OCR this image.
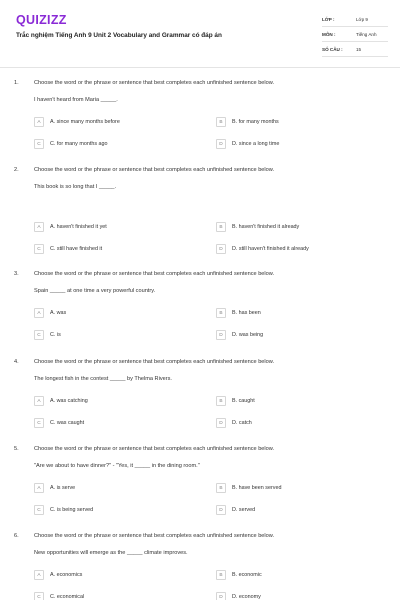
QUIZIZZ
Trắc nghiệm Tiếng Anh 9 Unit 2 Vocabulary and Grammar có đáp án
LỚP :	Lớp 9
MÔN :	Tiếng Anh
SỐ CÂU :	15
1.	Choose the word or the phrase or sentence that best completes each unfinished sentence below.
I haven't heard from Maria _____.
A	A. since many months before	B	B. for many months
C	C. for many months ago	D	D. since a long time
2.	Choose the word or the phrase or sentence that best completes each unfinished sentence below.
This book is so long that I _____.
A	A. haven't finished it yet	B	B. haven't finished it already
C	C. still have finished it	D	D. still haven't finished it already
3.	Choose the word or the phrase or sentence that best completes each unfinished sentence below.
Spain _____ at one time a very powerful country.
A	A. was	B	B. has been
C	C. is	D	D. was being
4.	Choose the word or the phrase or sentence that best completes each unfinished sentence below.
The longest fish in the contest _____ by Thelma Rivers.
A	A. was catching	B	B. caught
C	C. was caught	D	D. catch
5.	Choose the word or the phrase or sentence that best completes each unfinished sentence below.
"Are we about to have dinner?" - "Yes, it _____ in the dining room."
A	A. is serve	B	B. have been served
C	C. is being served	D	D. served
6.	Choose the word or the phrase or sentence that best completes each unfinished sentence below.
New opportunities will emerge as the _____ climate improves.
A	A. economics	B	B. economic
C	C. economical	D	D. economy
